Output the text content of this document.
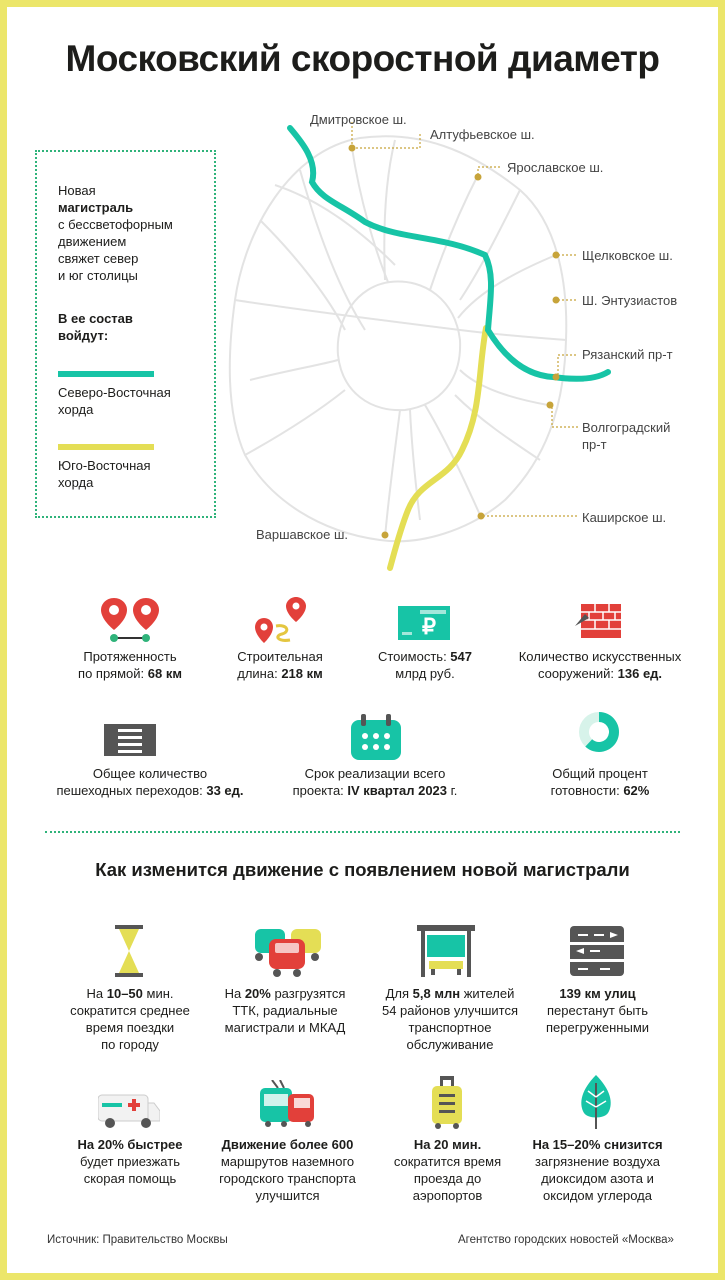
Московский скоростной диаметр
Новая
магистраль
с бессветофорным
движением
свяжет север
и юг столицы
В ее состав
войдут:
Северо-Восточная
хорда
Юго-Восточная
хорда
Дмитровское ш.
Алтуфьевское ш.
Ярославское ш.
Щелковское ш.
Ш. Энтузиастов
Рязанский пр-т
Волгоградский
пр-т
Каширское ш.
Варшавское ш.
₽
Протяженность
по прямой: 68 км
Строительная
длина: 218 км
Стоимость: 547
млрд руб.
Количество искусственных
сооружений: 136 ед.
Общее количество
пешеходных переходов: 33 ед.
Срок реализации всего
проекта: IV квартал 2023 г.
Общий процент
готовности: 62%
Как изменится движение с появлением новой магистрали
На 10–50 мин.
сократится среднее
время поездки
по городу
На 20% разгрузятся
ТТК, радиальные
магистрали и МКАД
Для 5,8 млн жителей
54 районов улучшится
транспортное
обслуживание
139 км улиц
перестанут быть
перегруженными
На 20% быстрее
будет приезжать
скорая помощь
Движение более 600
маршрутов наземного
городского транспорта
улучшится
На 20 мин.
сократится время
проезда до
аэропортов
На 15–20% снизится
загрязнение воздуха
диоксидом азота и
оксидом углерода
Источник: Правительство Москвы	Агентство городских новостей «Москва»
